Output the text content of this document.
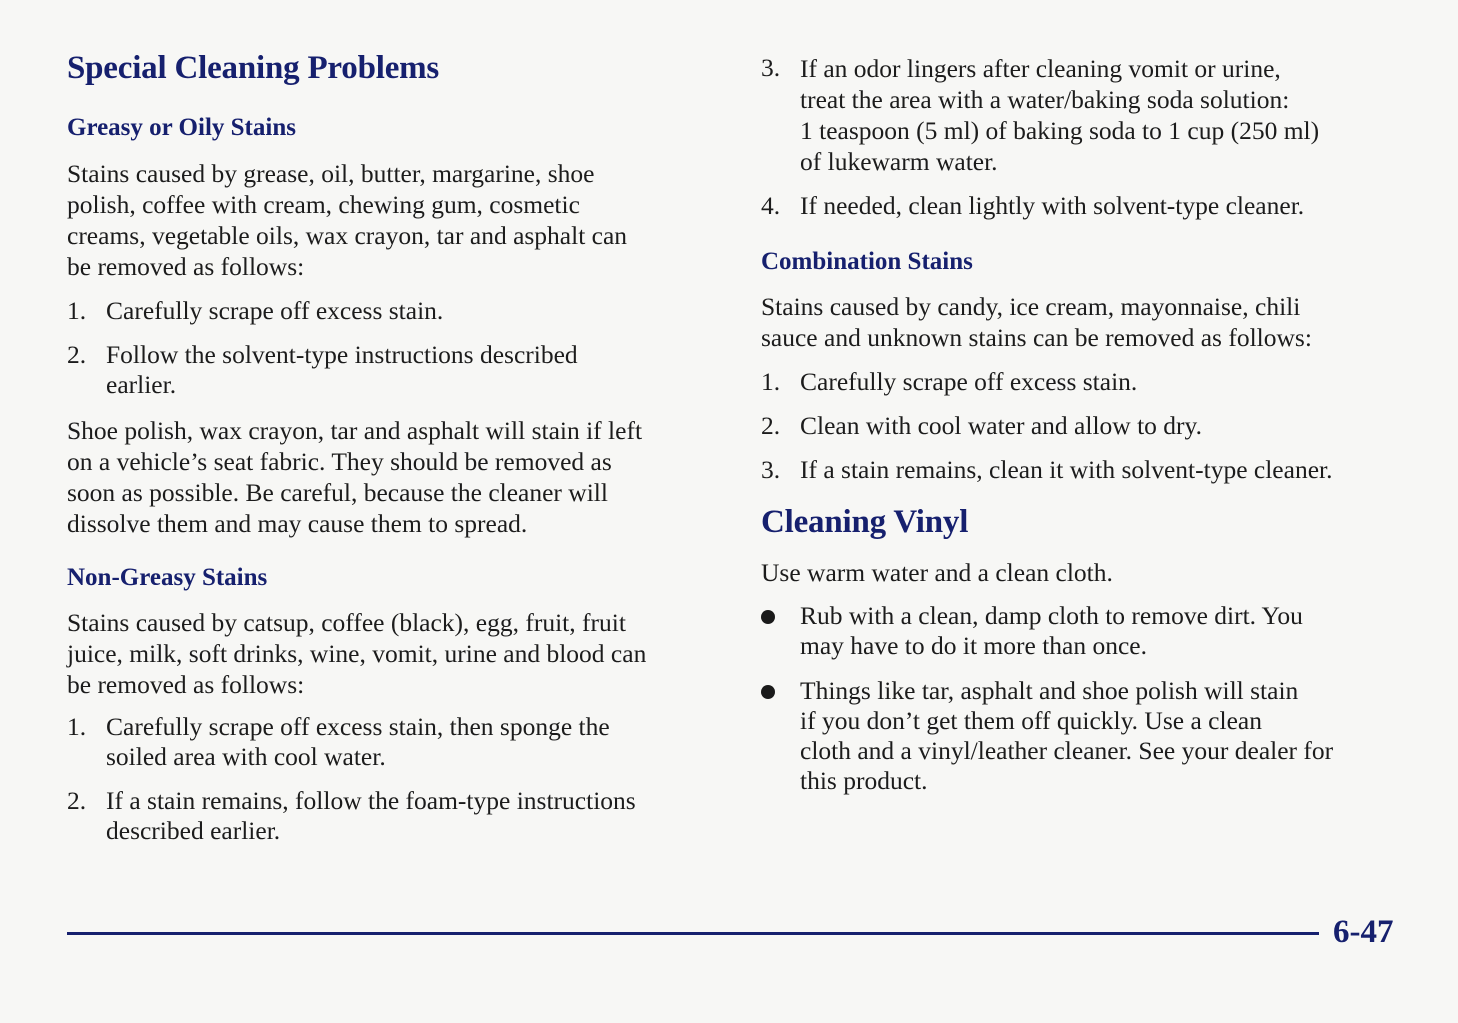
Special Cleaning Problems
Greasy or Oily Stains
Stains caused by grease, oil, butter, margarine, shoe
polish, coffee with cream, chewing gum, cosmetic
creams, vegetable oils, wax crayon, tar and asphalt can
be removed as follows:
1. Carefully scrape off excess stain.
2. Follow the solvent-type instructions described
earlier.
Shoe polish, wax crayon, tar and asphalt will stain if left
on a vehicle’s seat fabric. They should be removed as
soon as possible. Be careful, because the cleaner will
dissolve them and may cause them to spread.
Non-Greasy Stains
Stains caused by catsup, coffee (black), egg, fruit, fruit
juice, milk, soft drinks, wine, vomit, urine and blood can
be removed as follows:
1. Carefully scrape off excess stain, then sponge the
soiled area with cool water.
2. If a stain remains, follow the foam-type instructions
described earlier.
3. If an odor lingers after cleaning vomit or urine,
treat the area with a water/baking soda solution:
1 teaspoon (5 ml) of baking soda to 1 cup (250 ml)
of lukewarm water.
4. If needed, clean lightly with solvent-type cleaner.
Combination Stains
Stains caused by candy, ice cream, mayonnaise, chili
sauce and unknown stains can be removed as follows:
1. Carefully scrape off excess stain.
2. Clean with cool water and allow to dry.
3. If a stain remains, clean it with solvent-type cleaner.
Cleaning Vinyl
Use warm water and a clean cloth.
Rub with a clean, damp cloth to remove dirt. You
may have to do it more than once.
Things like tar, asphalt and shoe polish will stain
if you don’t get them off quickly. Use a clean
cloth and a vinyl/leather cleaner. See your dealer for
this product.
6-47
